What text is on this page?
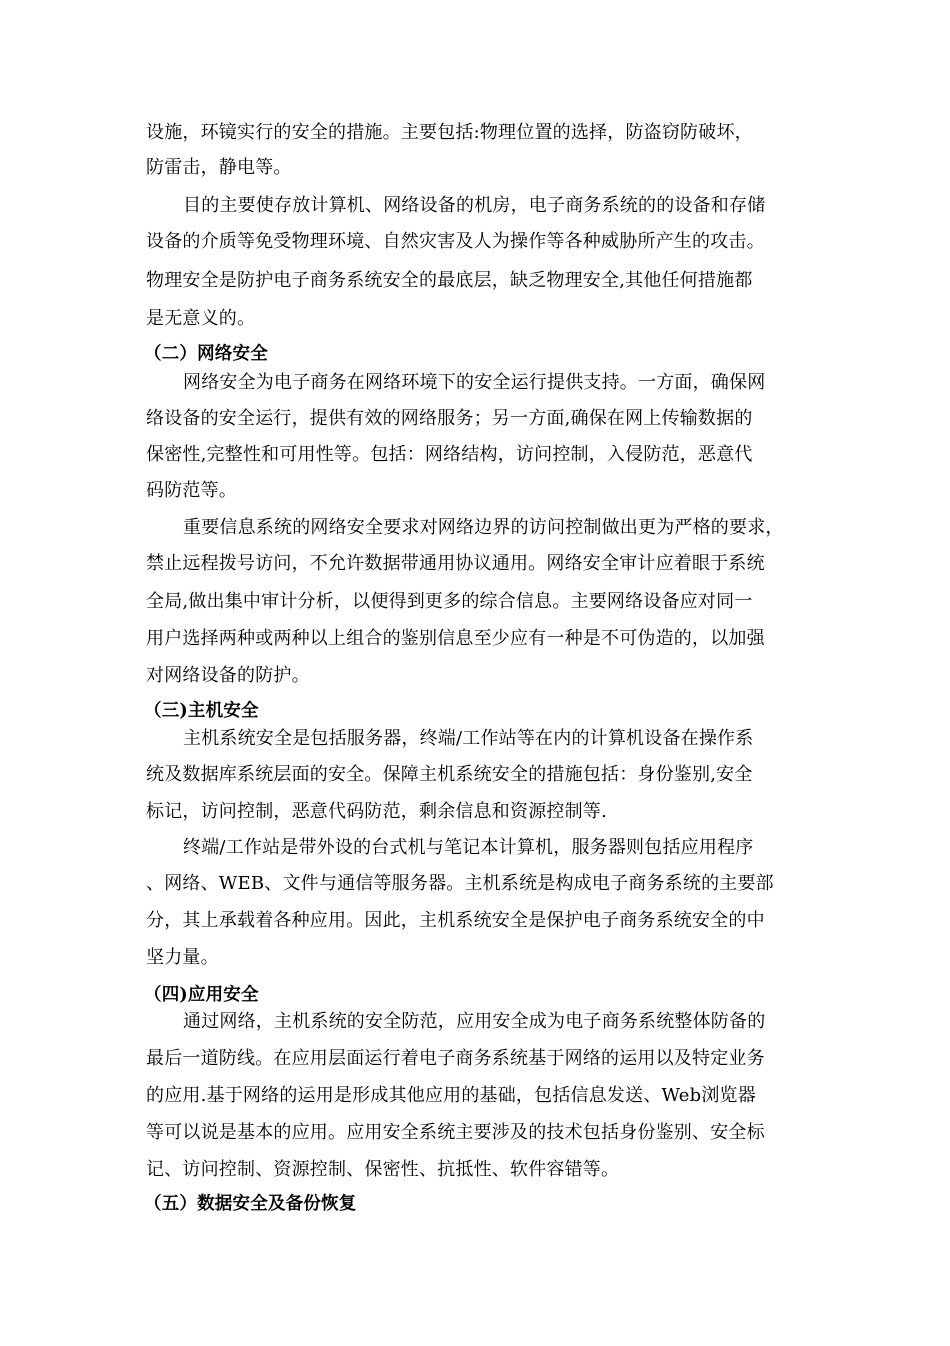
设施，环镜实行的安全的措施。主要包括:物理位置的选择，防盗窃防破坏，
防雷击，静电等。
目的主要使存放计算机、网络设备的机房，电子商务系统的的设备和存储
设备的介质等免受物理环境、自然灾害及人为操作等各种威胁所产生的攻击。
物理安全是防护电子商务系统安全的最底层，缺乏物理安全,其他任何措施都
是无意义的。
（二）网络安全
网络安全为电子商务在网络环境下的安全运行提供支持。一方面，确保网
络设备的安全运行，提供有效的网络服务；另一方面,确保在网上传输数据的
保密性,完整性和可用性等。包括：网络结构，访问控制，入侵防范，恶意代
码防范等。
重要信息系统的网络安全要求对网络边界的访问控制做出更为严格的要求，
禁止远程拨号访问，不允许数据带通用协议通用。网络安全审计应着眼于系统
全局,做出集中审计分析，以便得到更多的综合信息。主要网络设备应对同一
用户选择两种或两种以上组合的鉴别信息至少应有一种是不可伪造的，以加强
对网络设备的防护。
（三)主机安全
主机系统安全是包括服务器，终端/工作站等在内的计算机设备在操作系
统及数据库系统层面的安全。保障主机系统安全的措施包括：身份鉴别,安全
标记，访问控制，恶意代码防范，剩余信息和资源控制等.
终端/工作站是带外设的台式机与笔记本计算机，服务器则包括应用程序
、网络、WEB、文件与通信等服务器。主机系统是构成电子商务系统的主要部
分，其上承载着各种应用。因此，主机系统安全是保护电子商务系统安全的中
坚力量。
（四)应用安全
通过网络，主机系统的安全防范，应用安全成为电子商务系统整体防备的
最后一道防线。在应用层面运行着电子商务系统基于网络的运用以及特定业务
的应用.基于网络的运用是形成其他应用的基础，包括信息发送、Web浏览器
等可以说是基本的应用。应用安全系统主要涉及的技术包括身份鉴别、安全标
记、访问控制、资源控制、保密性、抗抵性、软件容错等。
（五）数据安全及备份恢复
